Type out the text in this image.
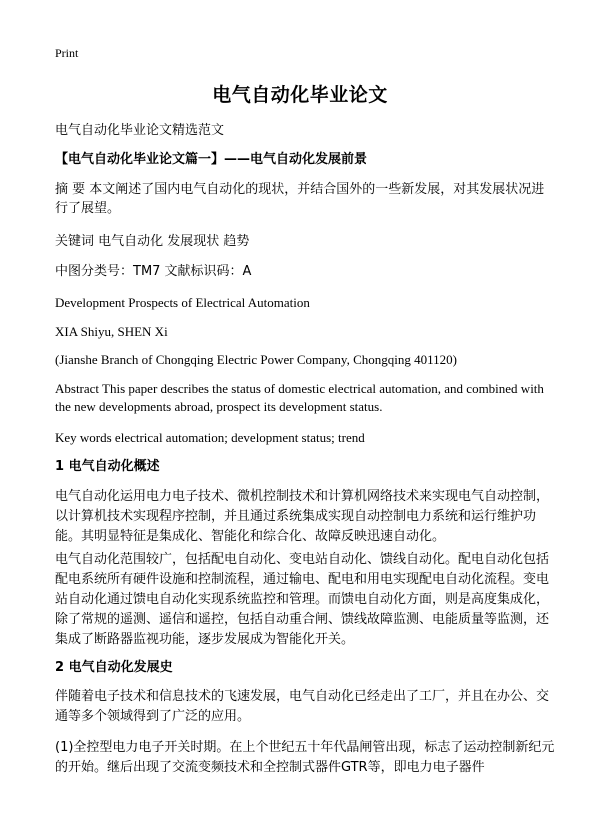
Print
电气自动化毕业论文
电气自动化毕业论文精选范文
【电气自动化毕业论文篇一】——电气自动化发展前景
摘 要 本文阐述了国内电气自动化的现状，并结合国外的一些新发展，对其发展状况进行了展望。
关键词 电气自动化 发展现状 趋势
中图分类号：TM7 文献标识码：A
Development Prospects of Electrical Automation
XIA Shiyu, SHEN Xi
(Jianshe Branch of Chongqing Electric Power Company, Chongqing 401120)
Abstract This paper describes the status of domestic electrical automation, and combined with the new developments abroad, prospect its development status.
Key words electrical automation; development status; trend
1 电气自动化概述
电气自动化运用电力电子技术、微机控制技术和计算机网络技术来实现电气自动控制，以计算机技术实现程序控制，并且通过系统集成实现自动控制电力系统和运行维护功能。其明显特征是集成化、智能化和综合化、故障反映迅速自动化。
电气自动化范围较广，包括配电自动化、变电站自动化、馈线自动化。配电自动化包括配电系统所有硬件设施和控制流程，通过输电、配电和用电实现配电自动化流程。变电站自动化通过馈电自动化实现系统监控和管理。而馈电自动化方面，则是高度集成化，除了常规的遥测、遥信和遥控，包括自动重合闸、馈线故障监测、电能质量等监测，还集成了断路器监视功能，逐步发展成为智能化开关。
2 电气自动化发展史
伴随着电子技术和信息技术的飞速发展，电气自动化已经走出了工厂，并且在办公、交通等多个领域得到了广泛的应用。
(1)全控型电力电子开关时期。在上个世纪五十年代晶闸管出现，标志了运动控制新纪元的开始。继后出现了交流变频技术和全控制式器件GTR等，即电力电子器件
